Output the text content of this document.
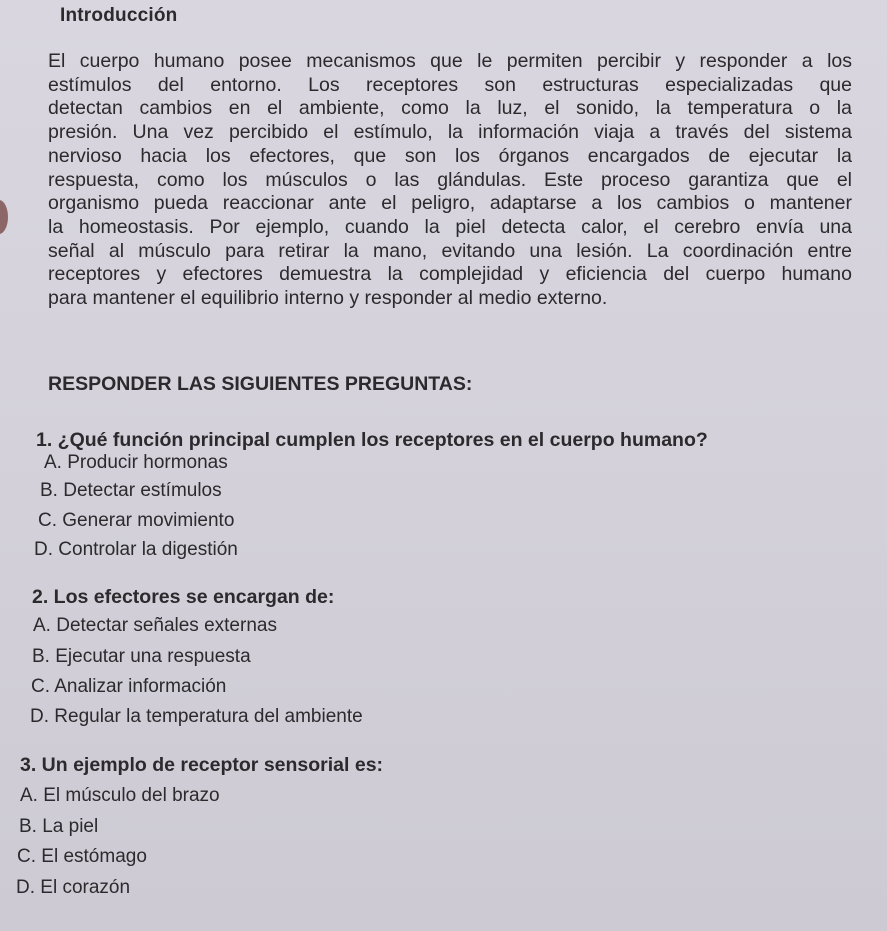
Introducción

El cuerpo humano posee mecanismos que le permiten percibir y responder a los
estímulos del entorno. Los receptores son estructuras especializadas que
detectan cambios en el ambiente, como la luz, el sonido, la temperatura o la
presión. Una vez percibido el estímulo, la información viaja a través del sistema
nervioso hacia los efectores, que son los órganos encargados de ejecutar la
respuesta, como los músculos o las glándulas. Este proceso garantiza que el
organismo pueda reaccionar ante el peligro, adaptarse a los cambios o mantener
la homeostasis. Por ejemplo, cuando la piel detecta calor, el cerebro envía una
señal al músculo para retirar la mano, evitando una lesión. La coordinación entre
receptores y efectores demuestra la complejidad y eficiencia del cuerpo humano
para mantener el equilibrio interno y responder al medio externo.

RESPONDER LAS SIGUIENTES PREGUNTAS:
1. ¿Qué función principal cumplen los receptores en el cuerpo humano?
A. Producir hormonas
B. Detectar estímulos
C. Generar movimiento
D. Controlar la digestión
2. Los efectores se encargan de:
A. Detectar señales externas
B. Ejecutar una respuesta
C. Analizar información
D. Regular la temperatura del ambiente
3. Un ejemplo de receptor sensorial es:
A. El músculo del brazo
B. La piel
C. El estómago
D. El corazón
